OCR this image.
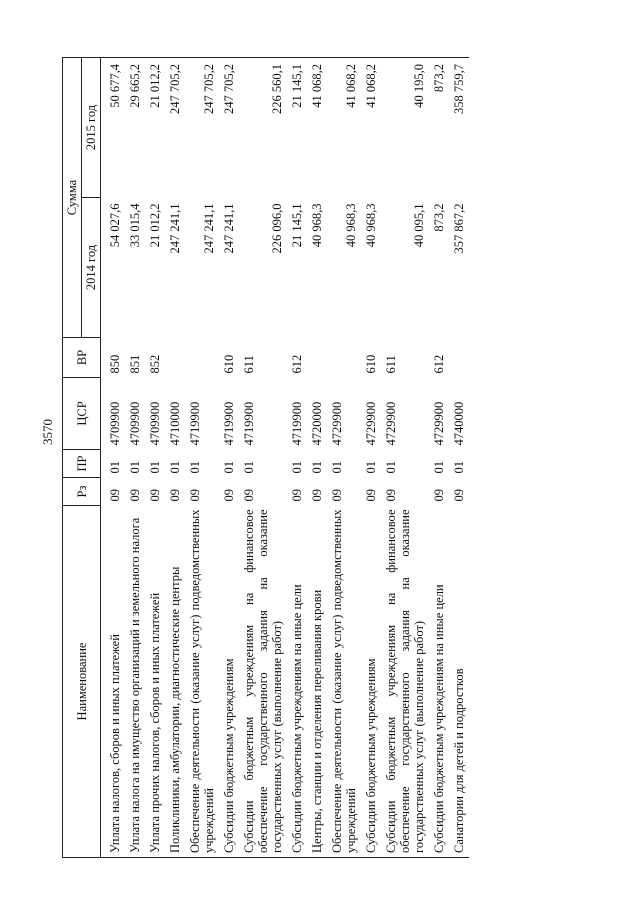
3570
Наименование	Рз	ПР	ЦСР	ВР	Сумма	
					2014 год	2015 год

Уплата налогов, сборов и иных платежей	09	01	4709900	850	54 027,6	50 677,4
Уплата налога на имущество организаций и земельного налога	09	01	4709900	851	33 015,4	29 665,2
Уплата прочих налогов, сборов и иных платежей	09	01	4709900	852	21 012,2	21 012,2
Поликлиники, амбулатории, диагностические центры	09	01	4710000		247 241,1	247 705,2
Обеспечение деятельности (оказание услуг) подведомственных учреждений	09	01	4719900		247 241,1	247 705,2
Субсидии бюджетным учреждениям	09	01	4719900	610	247 241,1	247 705,2
Субсидии бюджетным учреждениям на финансовое обеспечение государственного задания на оказание государственных услуг (выполнение работ)	09	01	4719900	611	226 096,0	226 560,1
Субсидии бюджетным учреждениям на иные цели	09	01	4719900	612	21 145,1	21 145,1
Центры, станции и отделения переливания крови	09	01	4720000		40 968,3	41 068,2
Обеспечение деятельности (оказание услуг) подведомственных учреждений	09	01	4729900		40 968,3	41 068,2
Субсидии бюджетным учреждениям	09	01	4729900	610	40 968,3	41 068,2
Субсидии бюджетным учреждениям на финансовое обеспечение государственного задания на оказание государственных услуг (выполнение работ)	09	01	4729900	611	40 095,1	40 195,0
Субсидии бюджетным учреждениям на иные цели	09	01	4729900	612	873,2	873,2
Санатории для детей и подростков	09	01	4740000		357 867,2	358 759,7
